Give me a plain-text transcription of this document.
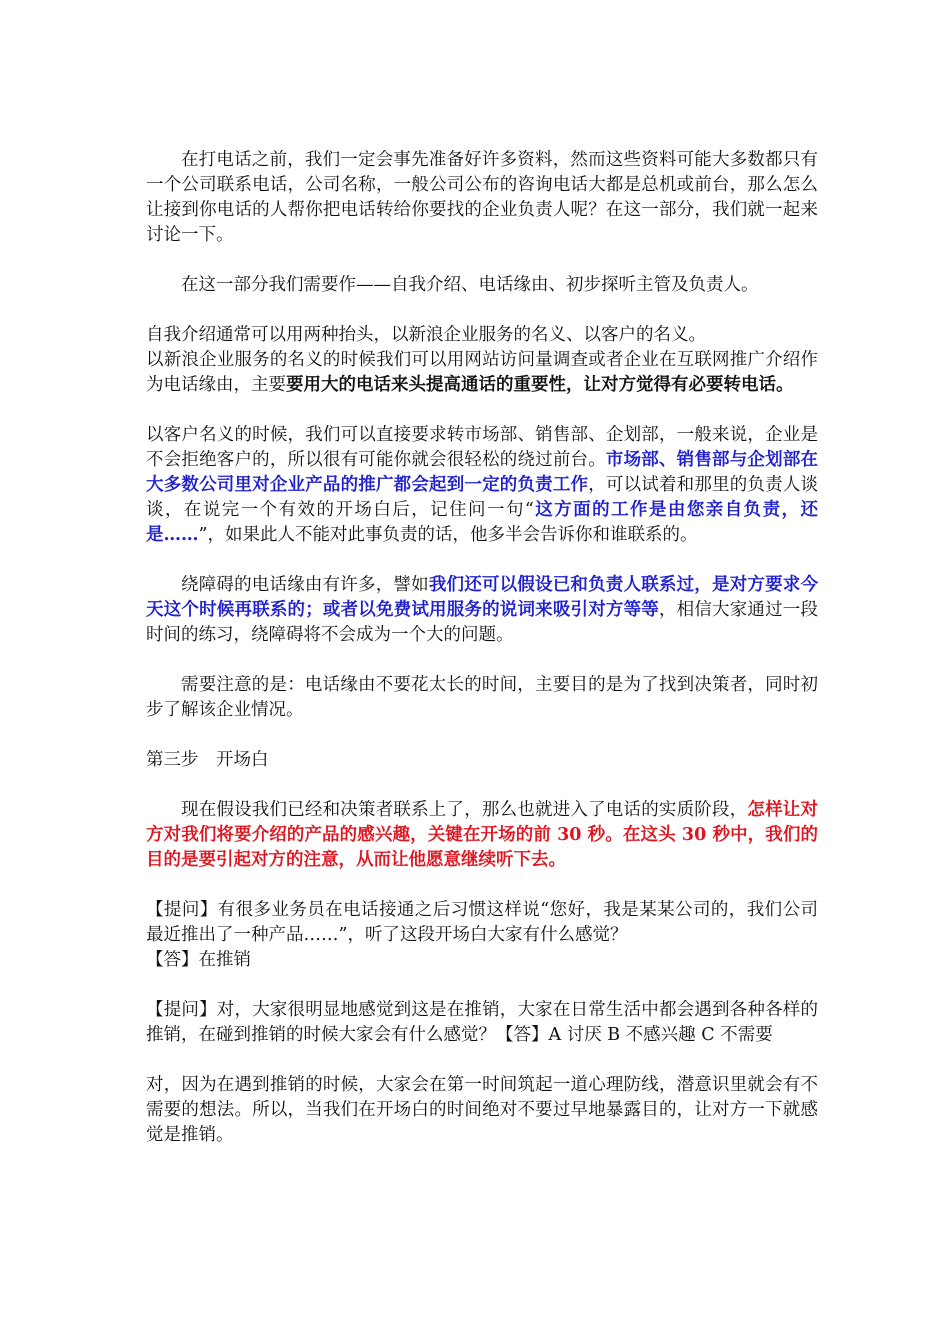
在打电话之前，我们一定会事先准备好许多资料，然而这些资料可能大多数都只有一个公司联系电话，公司名称，一般公司公布的咨询电话大都是总机或前台，那么怎么让接到你电话的人帮你把电话转给你要找的企业负责人呢？在这一部分，我们就一起来讨论一下。

在这一部分我们需要作——自我介绍、电话缘由、初步探听主管及负责人。

自我介绍通常可以用两种抬头，以新浪企业服务的名义、以客户的名义。

以新浪企业服务的名义的时候我们可以用网站访问量调查或者企业在互联网推广介绍作为电话缘由，主要要用大的电话来头提高通话的重要性，让对方觉得有必要转电话。

以客户名义的时候，我们可以直接要求转市场部、销售部、企划部，一般来说，企业是不会拒绝客户的，所以很有可能你就会很轻松的绕过前台。市场部、销售部与企划部在大多数公司里对企业产品的推广都会起到一定的负责工作，可以试着和那里的负责人谈谈，在说完一个有效的开场白后，记住问一句“这方面的工作是由您亲自负责，还是……”，如果此人不能对此事负责的话，他多半会告诉你和谁联系的。

绕障碍的电话缘由有许多，譬如我们还可以假设已和负责人联系过，是对方要求今天这个时候再联系的；或者以免费试用服务的说词来吸引对方等等，相信大家通过一段时间的练习，绕障碍将不会成为一个大的问题。

需要注意的是：电话缘由不要花太长的时间，主要目的是为了找到决策者，同时初步了解该企业情况。

第三步　开场白

现在假设我们已经和决策者联系上了，那么也就进入了电话的实质阶段，怎样让对方对我们将要介绍的产品的感兴趣，关键在开场的前 30 秒。在这头 30 秒中，我们的目的是要引起对方的注意，从而让他愿意继续听下去。

【提问】有很多业务员在电话接通之后习惯这样说“您好，我是某某公司的，我们公司最近推出了一种产品……”，听了这段开场白大家有什么感觉？
【答】在推销

【提问】对，大家很明显地感觉到这是在推销，大家在日常生活中都会遇到各种各样的推销，在碰到推销的时候大家会有什么感觉？【答】A 讨厌 B 不感兴趣 C 不需要

对，因为在遇到推销的时候，大家会在第一时间筑起一道心理防线，潜意识里就会有不需要的想法。所以，当我们在开场白的时间绝对不要过早地暴露目的，让对方一下就感觉是推销。
